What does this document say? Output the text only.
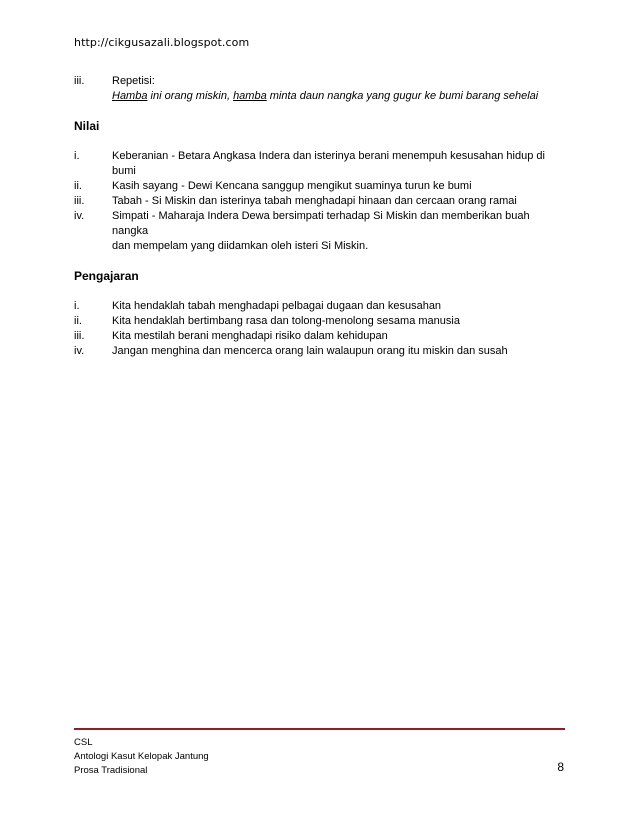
http://cikgusazali.blogspot.com
iii.	Repetisi:
Hamba ini orang miskin, hamba minta daun nangka yang gugur ke bumi barang sehelai
Nilai
i.	Keberanian - Betara Angkasa Indera dan isterinya berani menempuh kesusahan hidup di bumi
ii.	Kasih sayang - Dewi Kencana sanggup mengikut suaminya turun ke bumi
iii.	Tabah - Si Miskin dan isterinya tabah menghadapi hinaan dan cercaan orang ramai
iv.	Simpati - Maharaja Indera Dewa bersimpati terhadap Si Miskin dan memberikan buah nangka
dan mempelam yang diidamkan oleh isteri Si Miskin.
Pengajaran
i.	Kita hendaklah tabah menghadapi pelbagai dugaan dan kesusahan
ii.	Kita hendaklah bertimbang rasa dan tolong-menolong sesama manusia
iii.	Kita mestilah berani menghadapi risiko dalam kehidupan
iv.	Jangan menghina dan mencerca orang lain walaupun orang itu miskin dan susah
CSL
Antologi Kasut Kelopak Jantung
Prosa Tradisional	8
